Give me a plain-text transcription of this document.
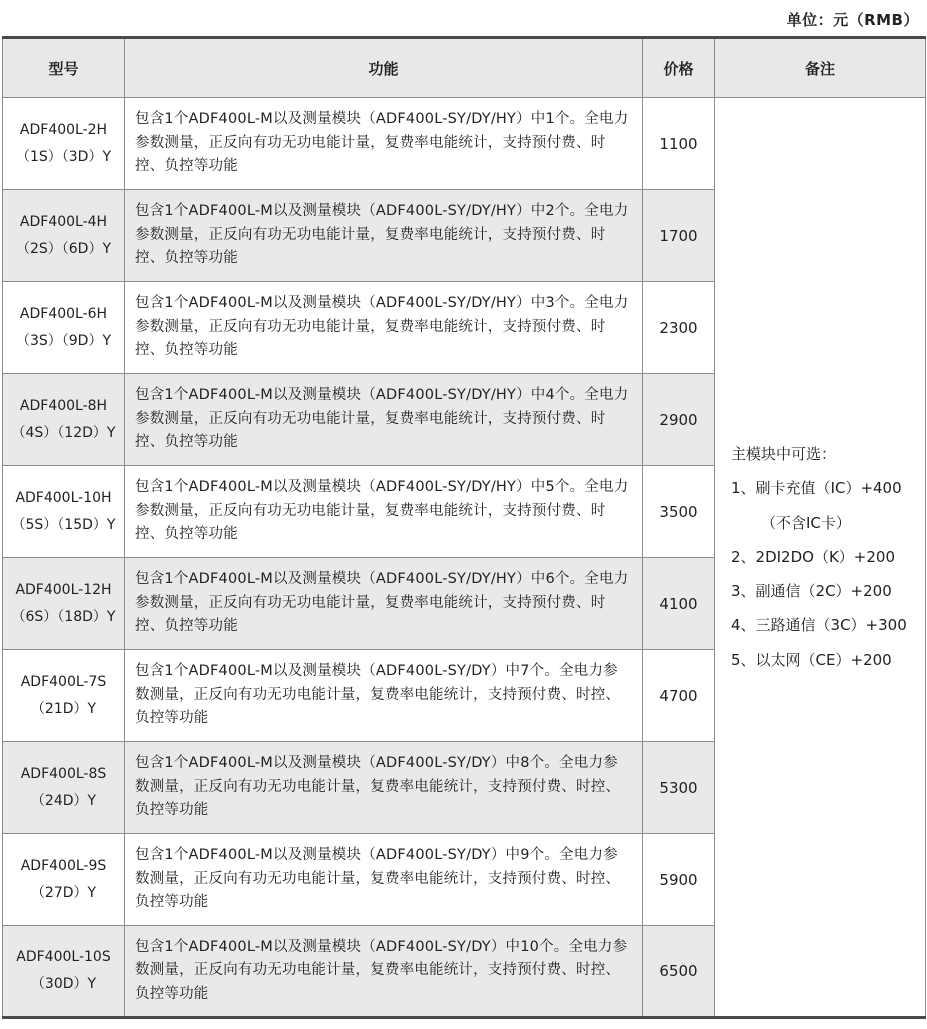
单位：元（RMB）
型号	功能	价格	备注

ADF400L-2H
（1S）（3D）Y
	包含1个ADF400L-M以及测量模块（ADF400L-SY/DY/HY）中1个。全电力参数测量，正反向有功无功电能计量，复费率电能统计，支持预付费、时控、负控等功能	1100	
主模块中可选：
1、刷卡充值（IC）+400
（不含IC卡）
2、2DI2DO（K）+200
3、副通信（2C）+200
4、三路通信（3C）+300
5、以太网（CE）+200

ADF400L-4H
（2S）（6D）Y	包含1个ADF400L-M以及测量模块（ADF400L-SY/DY/HY）中2个。全电力参数测量，正反向有功无功电能计量，复费率电能统计，支持预付费、时控、负控等功能	1700	

ADF400L-6H
（3S）（9D）Y	包含1个ADF400L-M以及测量模块（ADF400L-SY/DY/HY）中3个。全电力参数测量，正反向有功无功电能计量，复费率电能统计，支持预付费、时控、负控等功能	2300	

ADF400L-8H
（4S）（12D）Y	包含1个ADF400L-M以及测量模块（ADF400L-SY/DY/HY）中4个。全电力参数测量，正反向有功无功电能计量，复费率电能统计，支持预付费、时控、负控等功能	2900	

ADF400L-10H
（5S）（15D）Y	包含1个ADF400L-M以及测量模块（ADF400L-SY/DY/HY）中5个。全电力参数测量，正反向有功无功电能计量，复费率电能统计，支持预付费、时控、负控等功能	3500	

ADF400L-12H
（6S）（18D）Y	包含1个ADF400L-M以及测量模块（ADF400L-SY/DY/HY）中6个。全电力参数测量，正反向有功无功电能计量，复费率电能统计，支持预付费、时控、负控等功能	4100	

ADF400L-7S
（21D）Y	包含1个ADF400L-M以及测量模块（ADF400L-SY/DY）中7个。全电力参数测量，正反向有功无功电能计量，复费率电能统计，支持预付费、时控、负控等功能	4700	

ADF400L-8S
（24D）Y	包含1个ADF400L-M以及测量模块（ADF400L-SY/DY）中8个。全电力参数测量，正反向有功无功电能计量，复费率电能统计，支持预付费、时控、负控等功能	5300	

ADF400L-9S
（27D）Y	包含1个ADF400L-M以及测量模块（ADF400L-SY/DY）中9个。全电力参数测量，正反向有功无功电能计量，复费率电能统计，支持预付费、时控、负控等功能	5900	

ADF400L-10S
（30D）Y	包含1个ADF400L-M以及测量模块（ADF400L-SY/DY）中10个。全电力参数测量，正反向有功无功电能计量，复费率电能统计，支持预付费、时控、负控等功能	6500	
